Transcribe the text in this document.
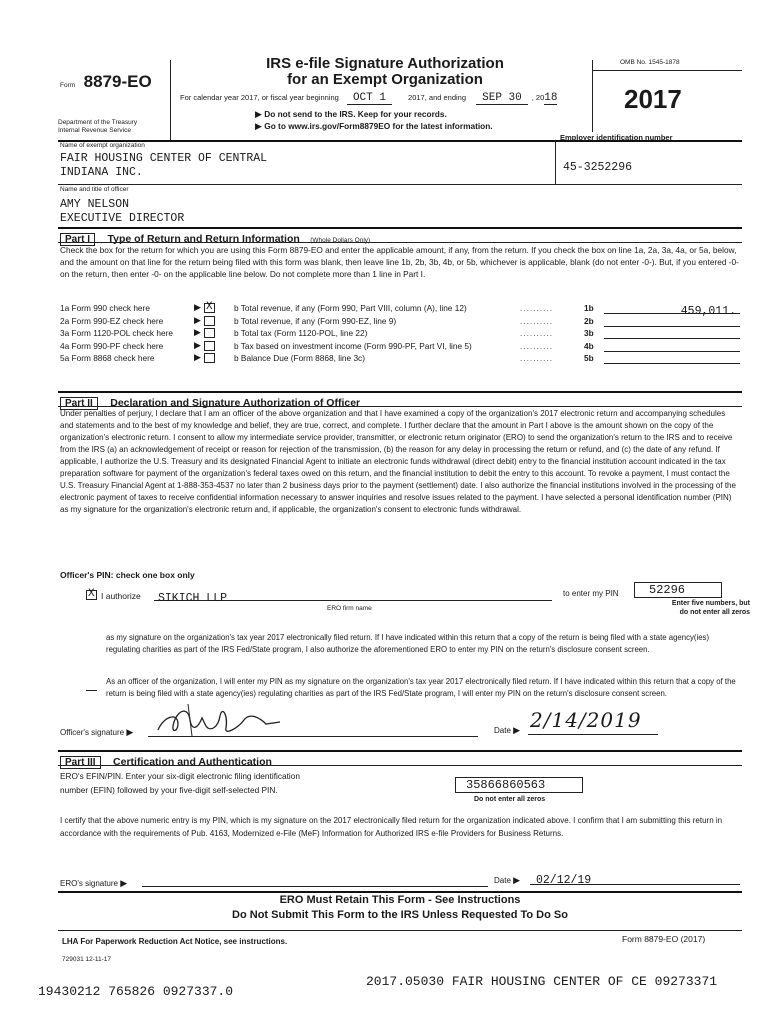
Form 8879-EO
Department of the Treasury
Internal Revenue Service
IRS e-file Signature Authorization
for an Exempt Organization
For calendar year 2017, or fiscal year beginning OCT 1	2017, and ending SEP 30 , 2018
▶ Do not send to the IRS. Keep for your records.
▶ Go to www.irs.gov/Form8879EO for the latest information.
OMB No. 1545-1878
2017
Name of exempt organization
FAIR HOUSING CENTER OF CENTRAL
INDIANA INC.
Employer identification number
45-3252296
Name and title of officer
AMY NELSON
EXECUTIVE DIRECTOR
Part I Type of Return and Return Information (Whole Dollars Only)
Check the box for the return for which you are using this Form 8879-EO and enter the applicable amount, if any, from the return. If you check the box on line 1a, 2a, 3a, 4a, or 5a, below, and the amount on that line for the return being filed with this form was blank, then leave line 1b, 2b, 3b, 4b, or 5b, whichever is applicable, blank (do not enter -0-). But, if you entered -0- on the return, then enter -0- on the applicable line below. Do not complete more than 1 line in Part I.
1a Form 990 check here	▶ X	b Total revenue, if any (Form 990, Part VIII, column (A), line 12)	..........	1b	459,011.
2a Form 990-EZ check here	▶	b Total revenue, if any (Form 990-EZ, line 9)	..........	2b
3a Form 1120-POL check here ▶	b Total tax (Form 1120-POL, line 22)	..........	3b
4a Form 990-PF check here	▶	b Tax based on investment income (Form 990-PF, Part VI, line 5)	..........	4b
5a Form 8868 check here	▶	b Balance Due (Form 8868, line 3c)	..........	5b
Part II Declaration and Signature Authorization of Officer
Under penalties of perjury, I declare that I am an officer of the above organization and that I have examined a copy of the organization's 2017 electronic return and accompanying schedules and statements and to the best of my knowledge and belief, they are true, correct, and complete. I further declare that the amount in Part I above is the amount shown on the copy of the organization's electronic return. I consent to allow my intermediate service provider, transmitter, or electronic return originator (ERO) to send the organization's return to the IRS and to receive from the IRS (a) an acknowledgement of receipt or reason for rejection of the transmission, (b) the reason for any delay in processing the return or refund, and (c) the date of any refund. If applicable, I authorize the U.S. Treasury and its designated Financial Agent to initiate an electronic funds withdrawal (direct debit) entry to the financial institution account indicated in the tax preparation software for payment of the organization's federal taxes owed on this return, and the financial institution to debit the entry to this account. To revoke a payment, I must contact the U.S. Treasury Financial Agent at 1-888-353-4537 no later than 2 business days prior to the payment (settlement) date. I also authorize the financial institutions involved in the processing of the electronic payment of taxes to receive confidential information necessary to answer inquiries and resolve issues related to the payment. I have selected a personal identification number (PIN) as my signature for the organization's electronic return and, if applicable, the organization's consent to electronic funds withdrawal.
Officer's PIN: check one box only
X I authorize	SIKICH LLP
ERO firm name
to enter my PIN	52296
Enter five numbers, but
do not enter all zeros
as my signature on the organization's tax year 2017 electronically filed return. If I have indicated within this return that a copy of the return is being filed with a state agency(ies) regulating charities as part of the IRS Fed/State program, I also authorize the aforementioned ERO to enter my PIN on the return's disclosure consent screen.
As an officer of the organization, I will enter my PIN as my signature on the organization's tax year 2017 electronically filed return. If I have indicated within this return that a copy of the return is being filed with a state agency(ies) regulating charities as part of the IRS Fed/State program, I will enter my PIN on the return's disclosure consent screen.
Officer's signature ▶	Date ▶ 2/14/2019
Part III Certification and Authentication
ERO's EFIN/PIN. Enter your six-digit electronic filing identification
number (EFIN) followed by your five-digit self-selected PIN.	35866860563
Do not enter all zeros
I certify that the above numeric entry is my PIN, which is my signature on the 2017 electronically filed return for the organization indicated above. I confirm that I am submitting this return in accordance with the requirements of Pub. 4163, Modernized e-File (MeF) Information for Authorized IRS e-file Providers for Business Returns.
ERO's signature ▶	Date ▶	02/12/19
ERO Must Retain This Form - See Instructions
Do Not Submit This Form to the IRS Unless Requested To Do So
LHA For Paperwork Reduction Act Notice, see instructions.	Form 8879-EO (2017)
729031 12-11-17
19430212 765826 0927337.0
2017.05030 FAIR HOUSING CENTER OF CE 09273371
